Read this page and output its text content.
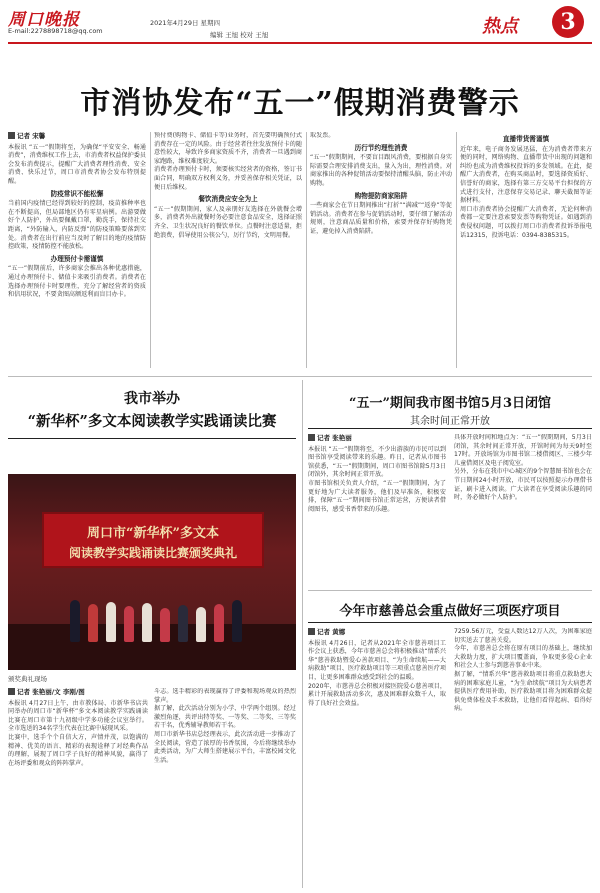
周口晚报
E-mail:2278898718@qq.com
2021年4月29日 星期四
编辑 王旭 校对 王旭	热点	3
市消协发布“五一”假期消费警示
记者 宋馨

本报讯 “五一”假期将至，为确保“平安安全、畅通消费”，消费维权工作上去，市消费者权益保护委员会发布消费提示，提醒广大消费者理性消费、安全消费、快乐过节，周口市消费者协会发布特别提醒。

防疫常识不能松懈

当前国内疫情已经得到较好的控制，疫苗推种率也在不断提高，但局部地区仍有零星病例。出游要做好个人防护，外出要佩戴口罩，勤洗手，保持社交距离，“外防输入，内防反弹”的防疫策略要落到实处。消费者在出行前应当及时了解目的地的疫情防控政策，疫情防控不能放松。

办理预付卡需谨慎

“五一”假期前后，许多商家会推出各种优惠措施，通过办理预付卡、储值卡来吸引消费者。消费者在选择办理预付卡时要理性，充分了解经营者的资质和信用状况，不要贪图高额返利而盲目办卡。

预付费(购物卡、储值卡等)业务时，首先要明确预付式消费存在一定的风险。由于经营者往往发放预付卡的随意性较大，导致许多商家资质不齐，消费者一旦遇到商家跑路，维权难度较大。

消费者办理预付卡时，须要核实经营者的资格，签订书面合同，明确双方权利义务，并妥善保存相关凭证，以便日后维权。

餐饮消费应安全为上

“五一”假期期间，家人及亲朋好友选择在外就餐会增多，消费者外出就餐时务必要注意食品安全，选择证照齐全、卫生状况良好的餐饮单位。点餐时注意适量，拒绝浪费，倡导使用公筷公勺，厉行节约，文明用餐。

取发票。

历行节约理性消费

“五一”假期期间，不要盲目跟风消费，要根据自身实际需要合理安排消费支出，量入为出，理性消费。对商家推出的各种促销活动要保持清醒头脑，防止冲动购物。

购物提防商家陷阱

一些商家会在节日期间推出“打折”“满减”“返券”等促销活动。消费者在参与促销活动时，要仔细了解活动规则，注意商品质量和价格，索要并保存好购物凭证，避免掉入消费陷阱。

直播带货需谨慎

近年来，电子商务发展迅猛，在为消费者带来方便的同时，网络购物、直播带货中出现的问题和纠纷也成为消费维权投诉的多发领域。在此，提醒广大消费者，在购买商品时，要选择资质好、信誉好的商家，选择有第三方交易平台担保的方式进行支付，注意保存交易记录、聊天截图等证据材料。

周口市消费者协会提醒广大消费者，无论何种消费都一定要注意索要发票等购物凭证。如遇到消费侵权问题，可以拨打周口市消费者投诉举报电话12315，投诉电话：0394-8385315。

我市举办
“新华杯”多文本阅读教学实践诵读比赛
周口市“新华杯”多文本
阅读教学实践诵读比赛颁奖典礼
颁奖典礼现场
记者 张艳丽/文 李刚/图

本报讯 4月27日上午，由市教体局、市新华书店共同举办的周口市“新华杯”多文本阅读教学实践诵读比赛在周口市第十九初级中学多功能会议室举行。全市选送的34名学生代表在比赛中展现风采。

比赛中，选手个个自信大方，声情并茂，以饱满的精神、优美的语言、精彩的表现诠释了对经典作品的理解，展现了周口学子良好的精神风貌，赢得了在场评委和观众的阵阵掌声。

斗志。选手精彩的表现赢得了评委和现场观众的热烈掌声。

据了解，此次活动分别为小学、中学两个组别。经过激烈角逐，共评出特等奖、一等奖、二等奖、三等奖若干名，优秀辅导教师若干名。

周口市新华书店总经理表示，此次活动进一步推动了全民阅读，营造了浓厚的书香氛围，今后将继续举办此类活动，为广大师生搭建展示平台，丰富校园文化生活。

“五一”期间我市图书馆5月3日闭馆
其余时间正常开放
记者 张艳丽

本报讯 “五一”假期将至，不少出游族的市民可以到图书馆享受阅读带来的乐趣。昨日，记者从市图书馆获悉，“五一”假期期间，周口市图书馆除5月3日闭馆外，其余时间正常开放。

市图书馆相关负责人介绍，“五一”假期期间，为了更好地为广大读者服务，他们及早准备，积极安排，保障“五一”期间图书馆正常运营，方便读者借阅图书，感受书香带来的乐趣。

具体开放时间和地点为：“五一”假期期间，5月3日闭馆，其余时间正常开放，开馆时间为每天9时至17时。开放场馆为市图书馆二楼借阅区、三楼少年儿童借阅区及电子阅览室。

另外，分布在我市中心城区的9个智慧图书馆也会在节日期间24小时开放，市民可以按照提示办理借书证，刷卡进入阅读。广大读者在享受阅读乐趣的同时，务必做好个人防护。

今年市慈善总会重点做好三项医疗项目
记者 黄娜

本报讯 4月26日，记者从2021年全市慈善项目工作会议上获悉，今年市慈善总会将积极推动“情系兴华”慈善救助暨爱心善款项目、“为生命续航——大病救助”项目、医疗救助项目等三项重点慈善医疗项目，让更多困难群众感受到社会的温暖。

2020年，市慈善总会积极对接医院爱心慈善项目，累计开展救助活动多次，惠及困难群众数千人，取得了良好社会效益。

7259.56万元，受益人数达12万人次，为困难家庭切实送去了慈善关爱。

今年，市慈善总会将在原有项目的基础上，继续加大救助力度，扩大项目覆盖面，争取更多爱心企业和社会人士参与到慈善事业中来。

据了解，“情系兴华”慈善救助项目将重点救助患大病的困难家庭儿童，“为生命续航”项目为大病患者提供医疗费用补助，医疗救助项目将为困难群众提供免费体检及手术救助，让他们看得起病、看得好病。
